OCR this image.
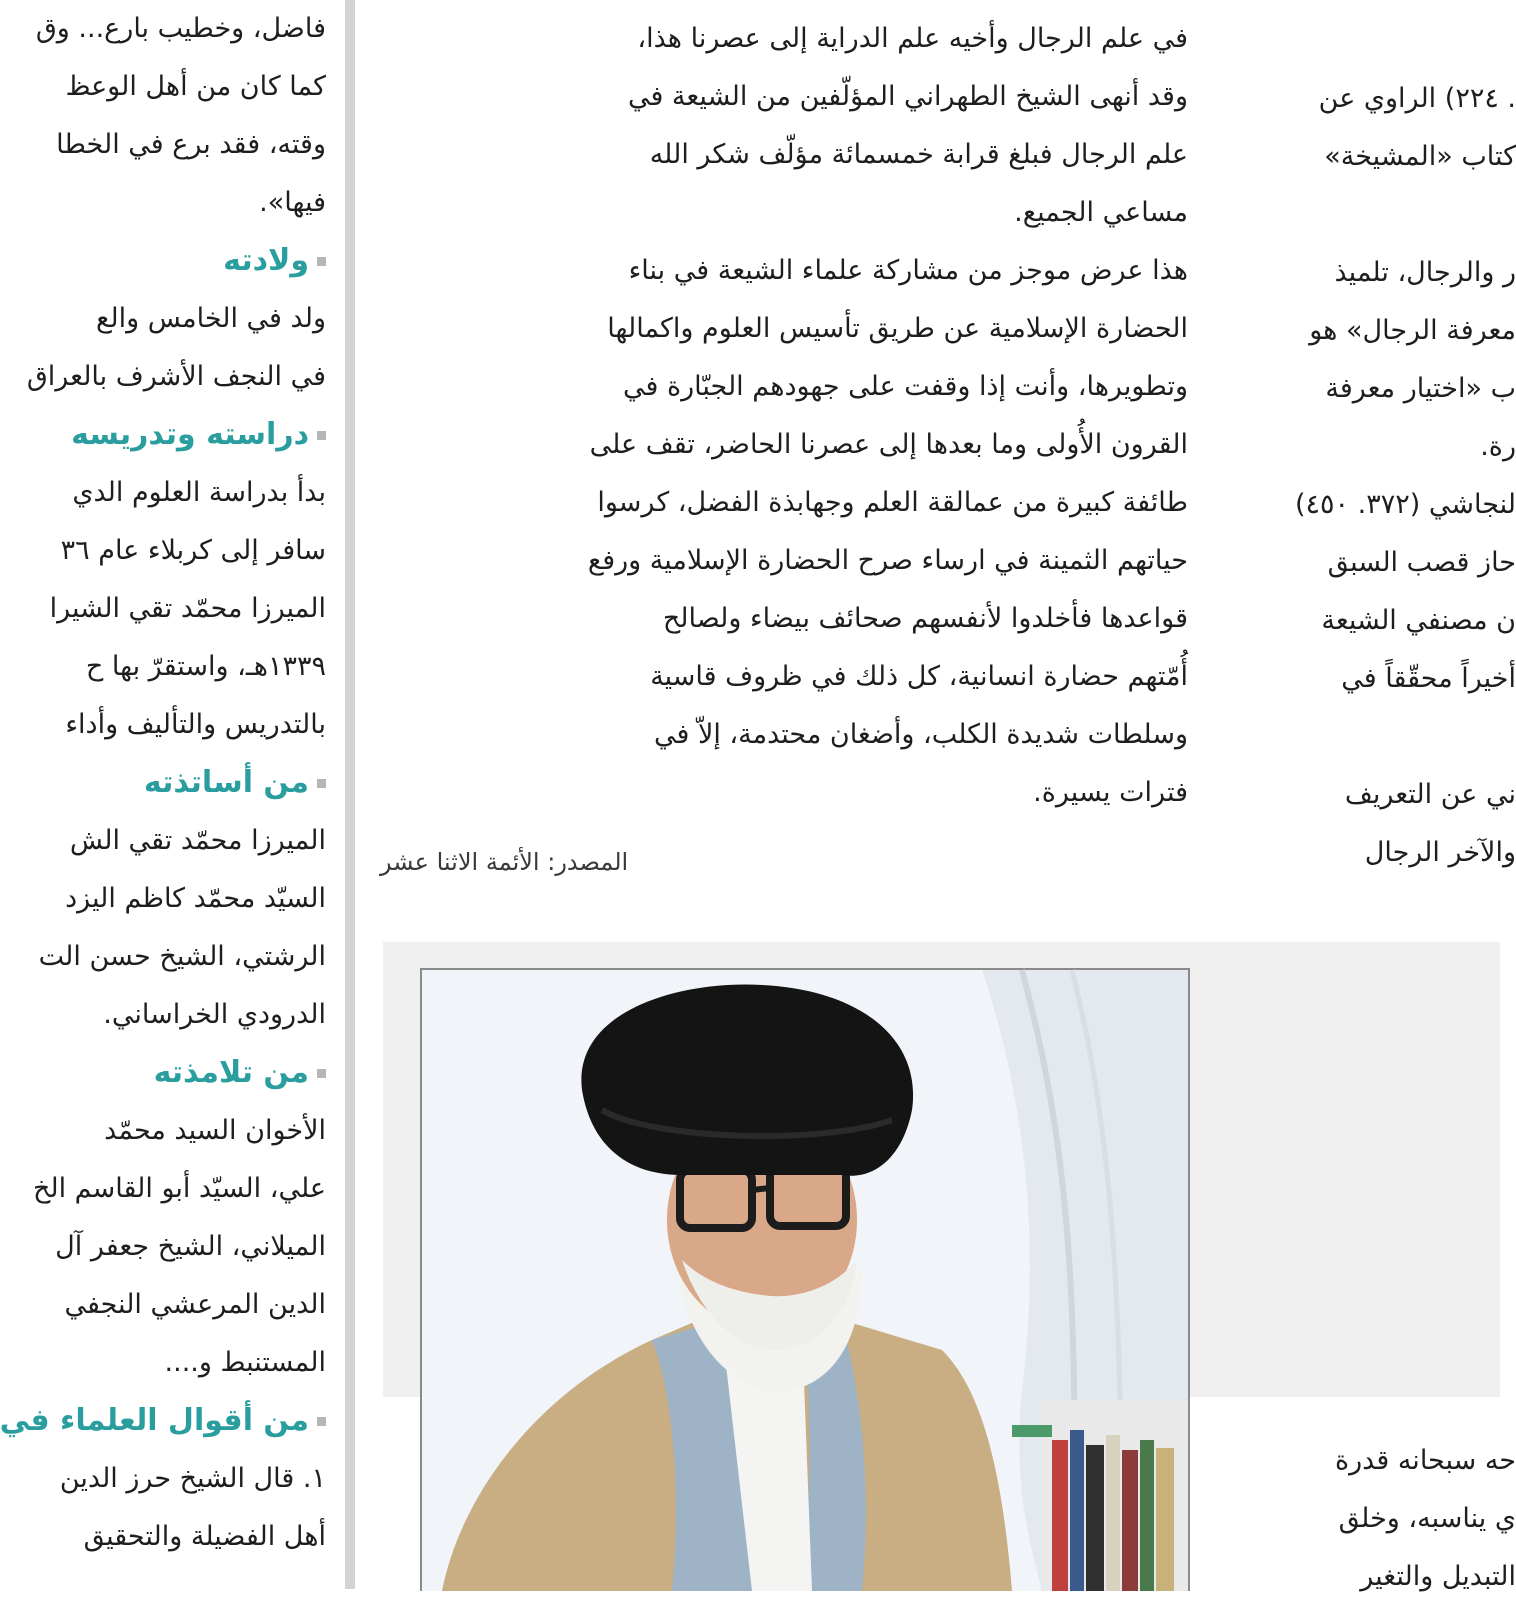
فاضل، وخطيب بارع... وق
كما كان من أهل الوعظ
وقته، فقد برع في الخطا
فيها».
ولادته
ولد في الخامس والع
في النجف الأشرف بالعراق
دراسته وتدريسه
بدأ بدراسة العلوم الدي
سافر إلى كربلاء عام ٣٦
الميرزا محمّد تقي الشيرا
١٣٣٩هـ، واستقرّ بها ح
بالتدريس والتأليف وأداء
من أساتذته
الميرزا محمّد تقي الش
السيّد محمّد كاظم اليزد
الرشتي، الشيخ حسن الت
الدرودي الخراساني.
من تلامذته
الأخوان السيد محمّد
علي، السيّد أبو القاسم الخ
الميلاني، الشيخ جعفر آل
الدين المرعشي النجفي
المستنبط و....
من أقوال العلماء في
١. قال الشيخ حرز الدين
أهل الفضيلة والتحقيق
في علم الرجال وأخيه علم الدراية إلى عصرنا هذا،
وقد أنهى الشيخ الطهراني المؤلّفين من الشيعة في
علم الرجال فبلغ قرابة خمسمائة مؤلّف شكر الله
مساعي الجميع.
هذا عرض موجز من مشاركة علماء الشيعة في بناء
الحضارة الإسلامية عن طريق تأسيس العلوم واكمالها
وتطويرها، وأنت إذا وقفت على جهودهم الجبّارة في
القرون الأُولى وما بعدها إلى عصرنا الحاضر، تقف على
طائفة كبيرة من عمالقة العلم وجهابذة الفضل، كرسوا
حياتهم الثمينة في ارساء صرح الحضارة الإسلامية ورفع
قواعدها فأخلدوا لأنفسهم صحائف بيضاء ولصالح
أُمّتهم حضارة انسانية، كل ذلك في ظروف قاسية
وسلطات شديدة الكلب، وأضغان محتدمة، إلاّ في
فترات يسيرة.
المصدر: الأئمة الاثنا عشر
. ٢٢٤) الراوي عن
كتاب «المشيخة»
ر والرجال، تلميذ
معرفة الرجال» هو
ب «اختيار معرفة
رة.
لنجاشي (٣٧٢. ٤٥٠)
حاز قصب السبق
ن مصنفي الشيعة
أخيراً محقّقاً في
ني عن التعريف
والآخر الرجال
حه سبحانه قدرة
ي يناسبه، وخلق
التبديل والتغير
